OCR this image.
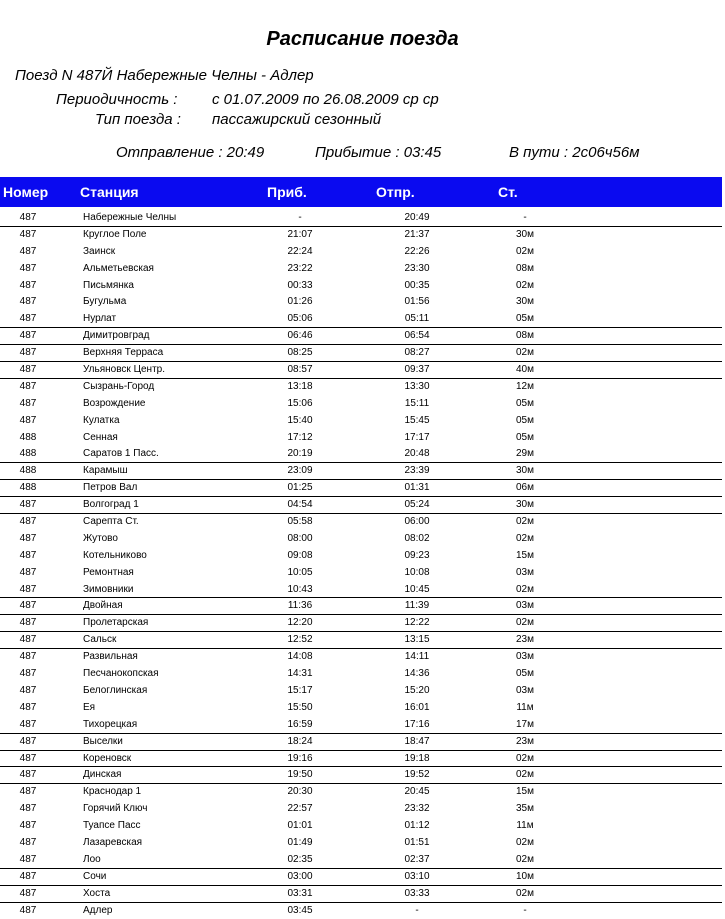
Расписание поезда
Поезд N 487Й Набережные Челны - Адлер
Периодичность : с 01.07.2009 по 26.08.2009 ср ср
Тип поезда : пассажирский сезонный
Отправление : 20:49	Прибытие : 03:45	В пути : 2с06ч56м
Номер Станция	Приб.	Отпр.	Ст.
487	Набережные Челны	-	20:49	-
487	Круглое Поле	21:07	21:37	30м
487	Заинск	22:24	22:26	02м
487	Альметьевская	23:22	23:30	08м
487	Письмянка	00:33	00:35	02м
487	Бугульма	01:26	01:56	30м
487	Нурлат	05:06	05:11	05м
487	Димитровград	06:46	06:54	08м
487	Верхняя Терраса	08:25	08:27	02м
487	Ульяновск Центр.	08:57	09:37	40м
487	Сызрань-Город	13:18	13:30	12м
487	Возрождение	15:06	15:11	05м
487	Кулатка	15:40	15:45	05м
488	Сенная	17:12	17:17	05м
488	Саратов 1 Пасс.	20:19	20:48	29м
488	Карамыш	23:09	23:39	30м
488	Петров Вал	01:25	01:31	06м
487	Волгоград 1	04:54	05:24	30м
487	Сарепта Ст.	05:58	06:00	02м
487	Жутово	08:00	08:02	02м
487	Котельниково	09:08	09:23	15м
487	Ремонтная	10:05	10:08	03м
487	Зимовники	10:43	10:45	02м
487	Двойная	11:36	11:39	03м
487	Пролетарская	12:20	12:22	02м
487	Сальск	12:52	13:15	23м
487	Развильная	14:08	14:11	03м
487	Песчанокопская	14:31	14:36	05м
487	Белоглинская	15:17	15:20	03м
487	Ея	15:50	16:01	11м
487	Тихорецкая	16:59	17:16	17м
487	Выселки	18:24	18:47	23м
487	Кореновск	19:16	19:18	02м
487	Динская	19:50	19:52	02м
487	Краснодар 1	20:30	20:45	15м
487	Горячий Ключ	22:57	23:32	35м
487	Туапсе Пасс	01:01	01:12	11м
487	Лазаревская	01:49	01:51	02м
487	Лоо	02:35	02:37	02м
487	Сочи	03:00	03:10	10м
487	Хоста	03:31	03:33	02м
487	Адлер	03:45	-	-
